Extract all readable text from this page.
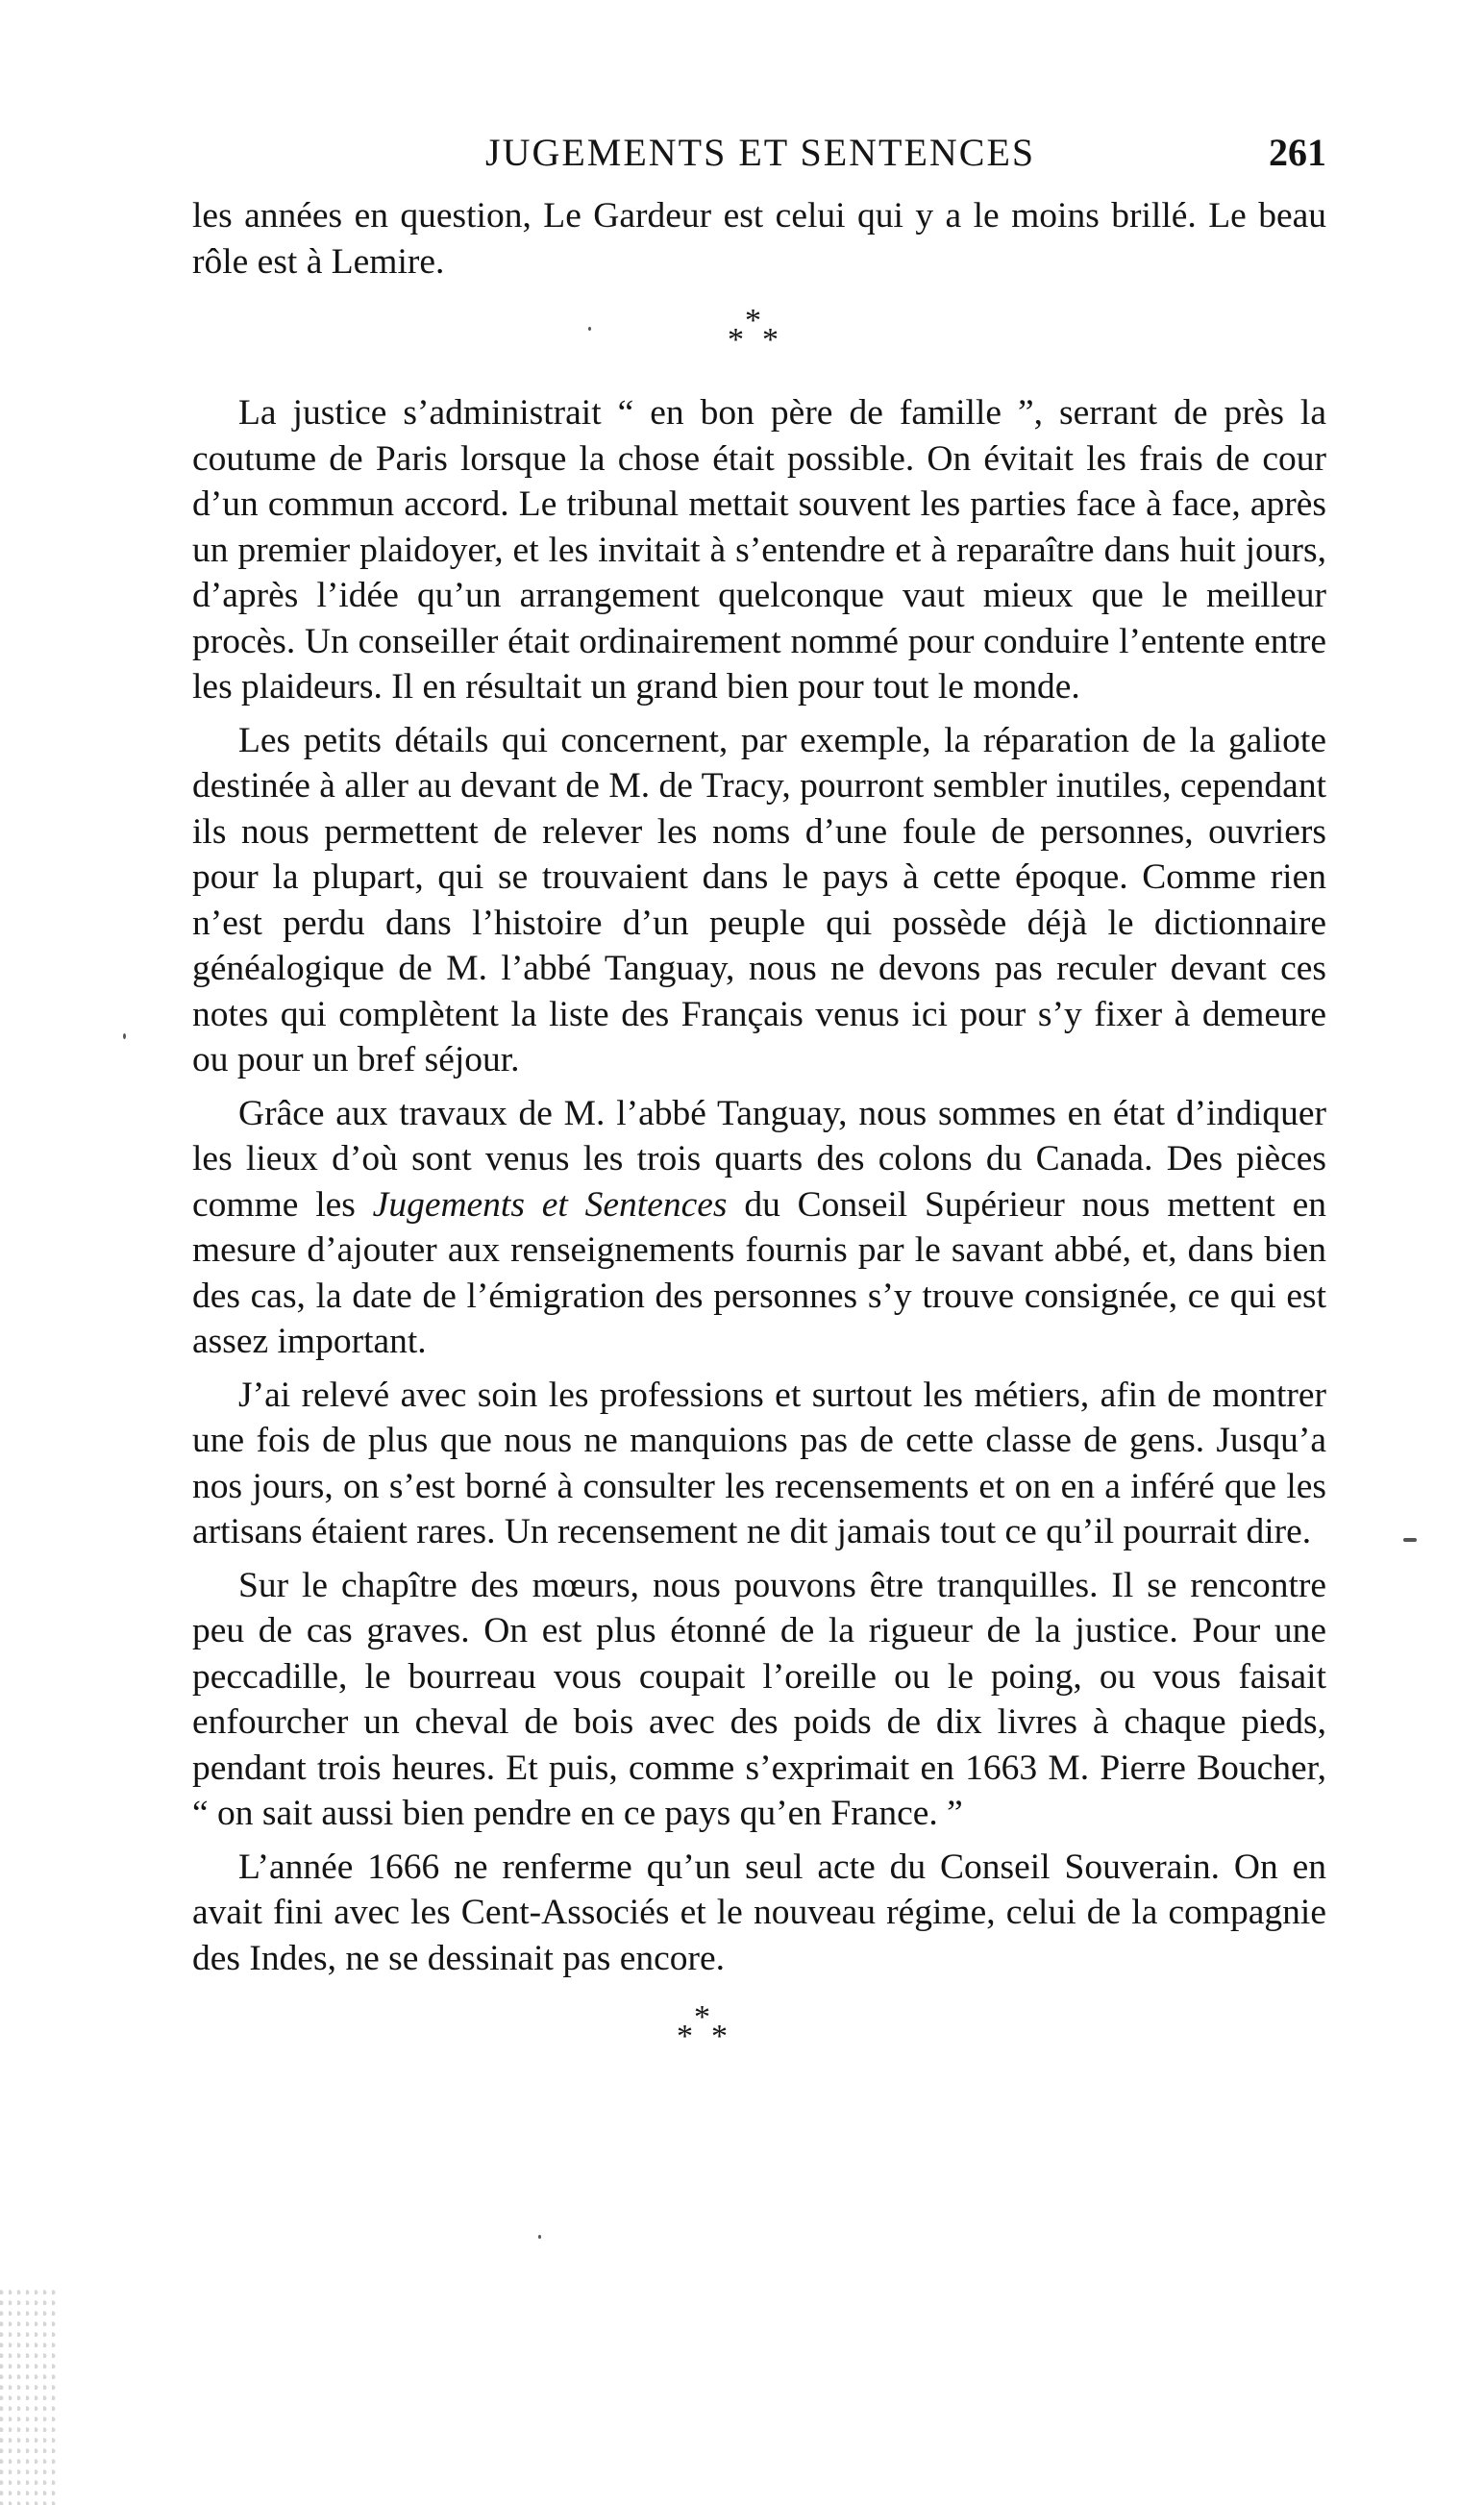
JUGEMENTS ET SENTENCES	261

les années en question, Le Gardeur est celui qui y a le moins brillé. Le beau rôle est à Lemire.

*
* *

La justice s’administrait “ en bon père de famille ”, serrant de près la coutume de Paris lorsque la chose était possible. On évitait les frais de cour d’un commun accord. Le tribunal mettait souvent les parties face à face, après un premier plaidoyer, et les invitait à s’entendre et à reparaître dans huit jours, d’après l’idée qu’un arrangement quelconque vaut mieux que le meilleur procès. Un conseiller était ordinairement nommé pour conduire l’entente entre les plaideurs. Il en résultait un grand bien pour tout le monde.

Les petits détails qui concernent, par exemple, la réparation de la galiote destinée à aller au devant de M. de Tracy, pourront sembler inutiles, cependant ils nous permettent de relever les noms d’une foule de personnes, ouvriers pour la plupart, qui se trouvaient dans le pays à cette époque. Comme rien n’est perdu dans l’histoire d’un peuple qui possède déjà le dictionnaire généalogique de M. l’abbé Tanguay, nous ne devons pas reculer devant ces notes qui complètent la liste des Français venus ici pour s’y fixer à demeure ou pour un bref séjour.

Grâce aux travaux de M. l’abbé Tanguay, nous sommes en état d’indiquer les lieux d’où sont venus les trois quarts des colons du Canada. Des pièces comme les Jugements et Sentences du Conseil Supérieur nous mettent en mesure d’ajouter aux renseignements fournis par le savant abbé, et, dans bien des cas, la date de l’émigration des personnes s’y trouve consignée, ce qui est assez important.

J’ai relevé avec soin les professions et surtout les métiers, afin de montrer une fois de plus que nous ne manquions pas de cette classe de gens. Jusqu’a nos jours, on s’est borné à consulter les recensements et on en a inféré que les artisans étaient rares. Un recensement ne dit jamais tout ce qu’il pourrait dire.

Sur le chapître des mœurs, nous pouvons être tranquilles. Il se rencontre peu de cas graves. On est plus étonné de la rigueur de la justice. Pour une peccadille, le bourreau vous coupait l’oreille ou le poing, ou vous faisait enfourcher un cheval de bois avec des poids de dix livres à chaque pieds, pendant trois heures. Et puis, comme s’exprimait en 1663 M. Pierre Boucher, “ on sait aussi bien pendre en ce pays qu’en France. ”

L’année 1666 ne renferme qu’un seul acte du Conseil Souverain. On en avait fini avec les Cent-Associés et le nouveau régime, celui de la compagnie des Indes, ne se dessinait pas encore.

*
* *
